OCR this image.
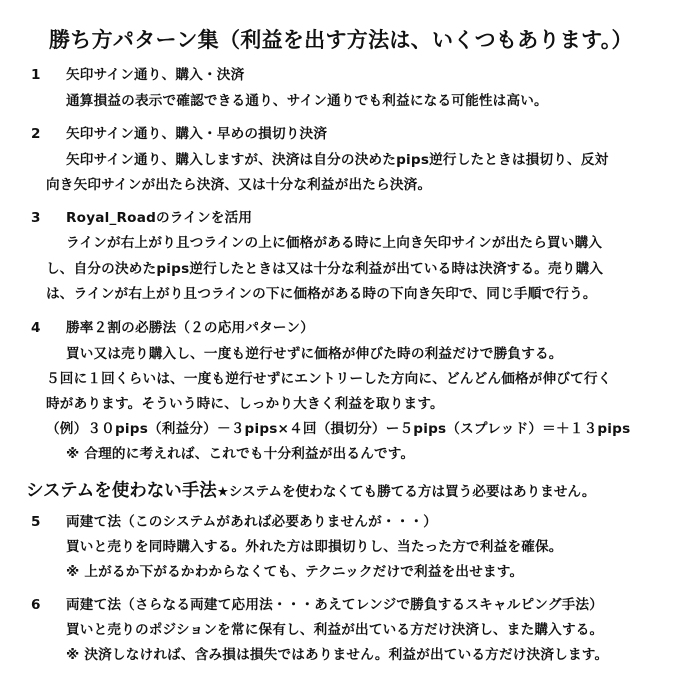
勝ち方パターン集（利益を出す方法は、いくつもあります。）
1 矢印サイン通り、購入・決済
通算損益の表示で確認できる通り、サイン通りでも利益になる可能性は高い。
2 矢印サイン通り、購入・早めの損切り決済
矢印サイン通り、購入しますが、決済は自分の決めたpips逆行したときは損切り、反対
向き矢印サインが出たら決済、又は十分な利益が出たら決済。
3 Royal_Roadのラインを活用
ラインが右上がり且つラインの上に価格がある時に上向き矢印サインが出たら買い購入
し、自分の決めたpips逆行したときは又は十分な利益が出ている時は決済する。売り購入
は、ラインが右上がり且つラインの下に価格がある時の下向き矢印で、同じ手順で行う。
4 勝率２割の必勝法（２の応用パターン）
買い又は売り購入し、一度も逆行せずに価格が伸びた時の利益だけで勝負する。
５回に１回くらいは、一度も逆行せずにエントリーした方向に、どんどん価格が伸びて行く
時があります。そういう時に、しっかり大きく利益を取ります。
（例）３０pips（利益分）－３pips×４回（損切分）ー５pips（スプレッド）＝＋１３pips
※ 合理的に考えれば、これでも十分利益が出るんです。
システムを使わない手法★システムを使わなくても勝てる方は買う必要はありません。
5 両建て法（このシステムがあれば必要ありませんが・・・）
買いと売りを同時購入する。外れた方は即損切りし、当たった方で利益を確保。
※ 上がるか下がるかわからなくても、テクニックだけで利益を出せます。
6 両建て法（さらなる両建て応用法・・・あえてレンジで勝負するスキャルピング手法）
買いと売りのポジションを常に保有し、利益が出ている方だけ決済し、また購入する。
※ 決済しなければ、含み損は損失ではありません。利益が出ている方だけ決済します。
